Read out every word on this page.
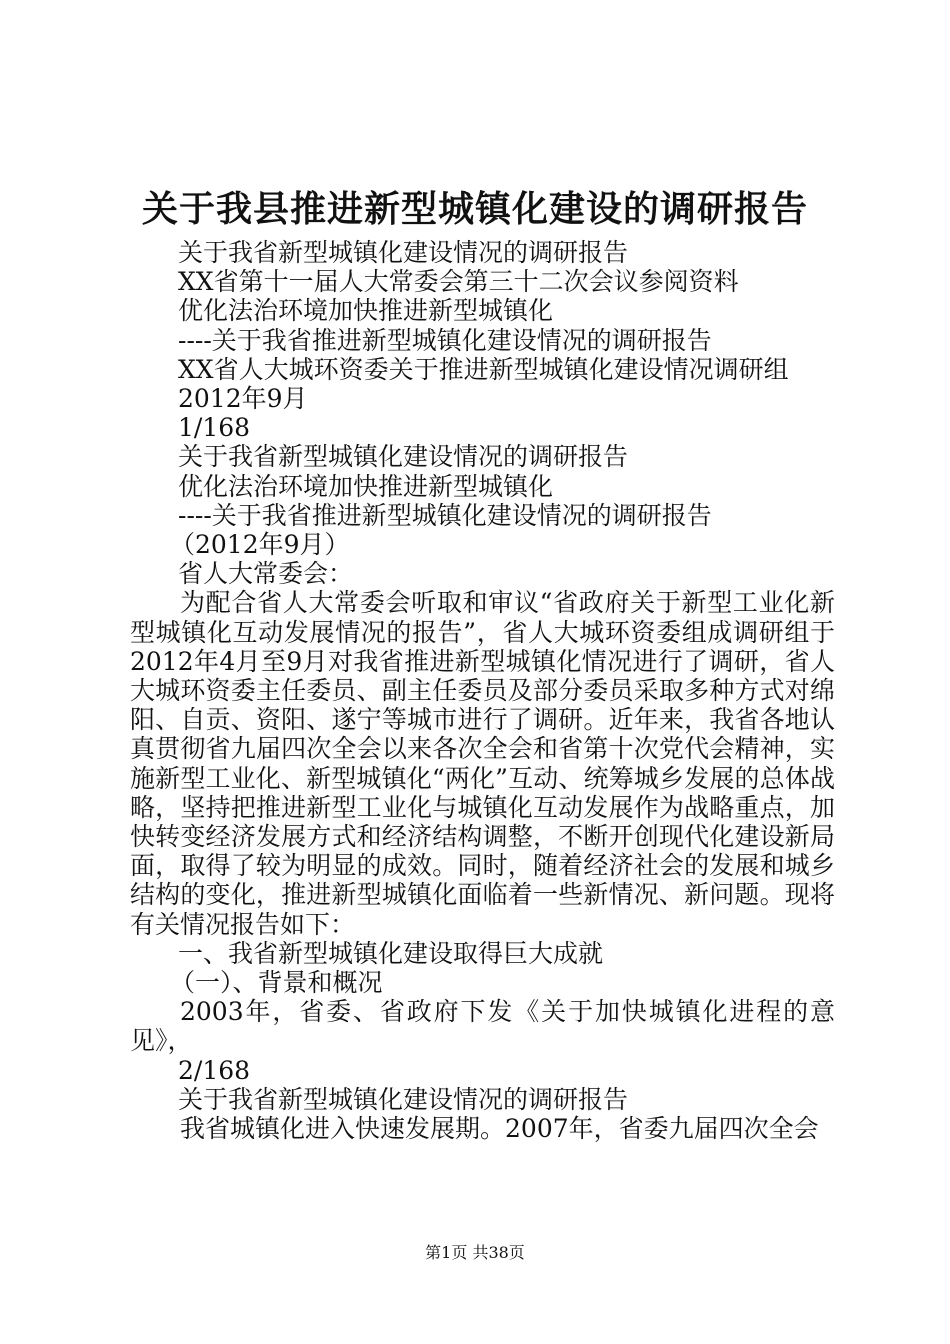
关于我县推进新型城镇化建设的调研报告
关于我省新型城镇化建设情况的调研报告
XX省第十一届人大常委会第三十二次会议参阅资料
优化法治环境加快推进新型城镇化
----关于我省推进新型城镇化建设情况的调研报告
XX省人大城环资委关于推进新型城镇化建设情况调研组
2012年9月
1/168
关于我省新型城镇化建设情况的调研报告
优化法治环境加快推进新型城镇化
----关于我省推进新型城镇化建设情况的调研报告
（2012年9月）
省人大常委会：
为配合省人大常委会听取和审议“省政府关于新型工业化新型城镇化互动发展情况的报告”，省人大城环资委组成调研组于2012年4月至9月对我省推进新型城镇化情况进行了调研，省人大城环资委主任委员、副主任委员及部分委员采取多种方式对绵阳、自贡、资阳、遂宁等城市进行了调研。近年来，我省各地认真贯彻省九届四次全会以来各次全会和省第十次党代会精神，实施新型工业化、新型城镇化“两化”互动、统筹城乡发展的总体战略，坚持把推进新型工业化与城镇化互动发展作为战略重点，加快转变经济发展方式和经济结构调整，不断开创现代化建设新局面，取得了较为明显的成效。同时，随着经济社会的发展和城乡结构的变化，推进新型城镇化面临着一些新情况、新问题。现将有关情况报告如下：
一、我省新型城镇化建设取得巨大成就
（一）、背景和概况
2003年，省委、省政府下发《关于加快城镇化进程的意见》，
2/168
关于我省新型城镇化建设情况的调研报告
我省城镇化进入快速发展期。2007年，省委九届四次全会
第1页 共38页
